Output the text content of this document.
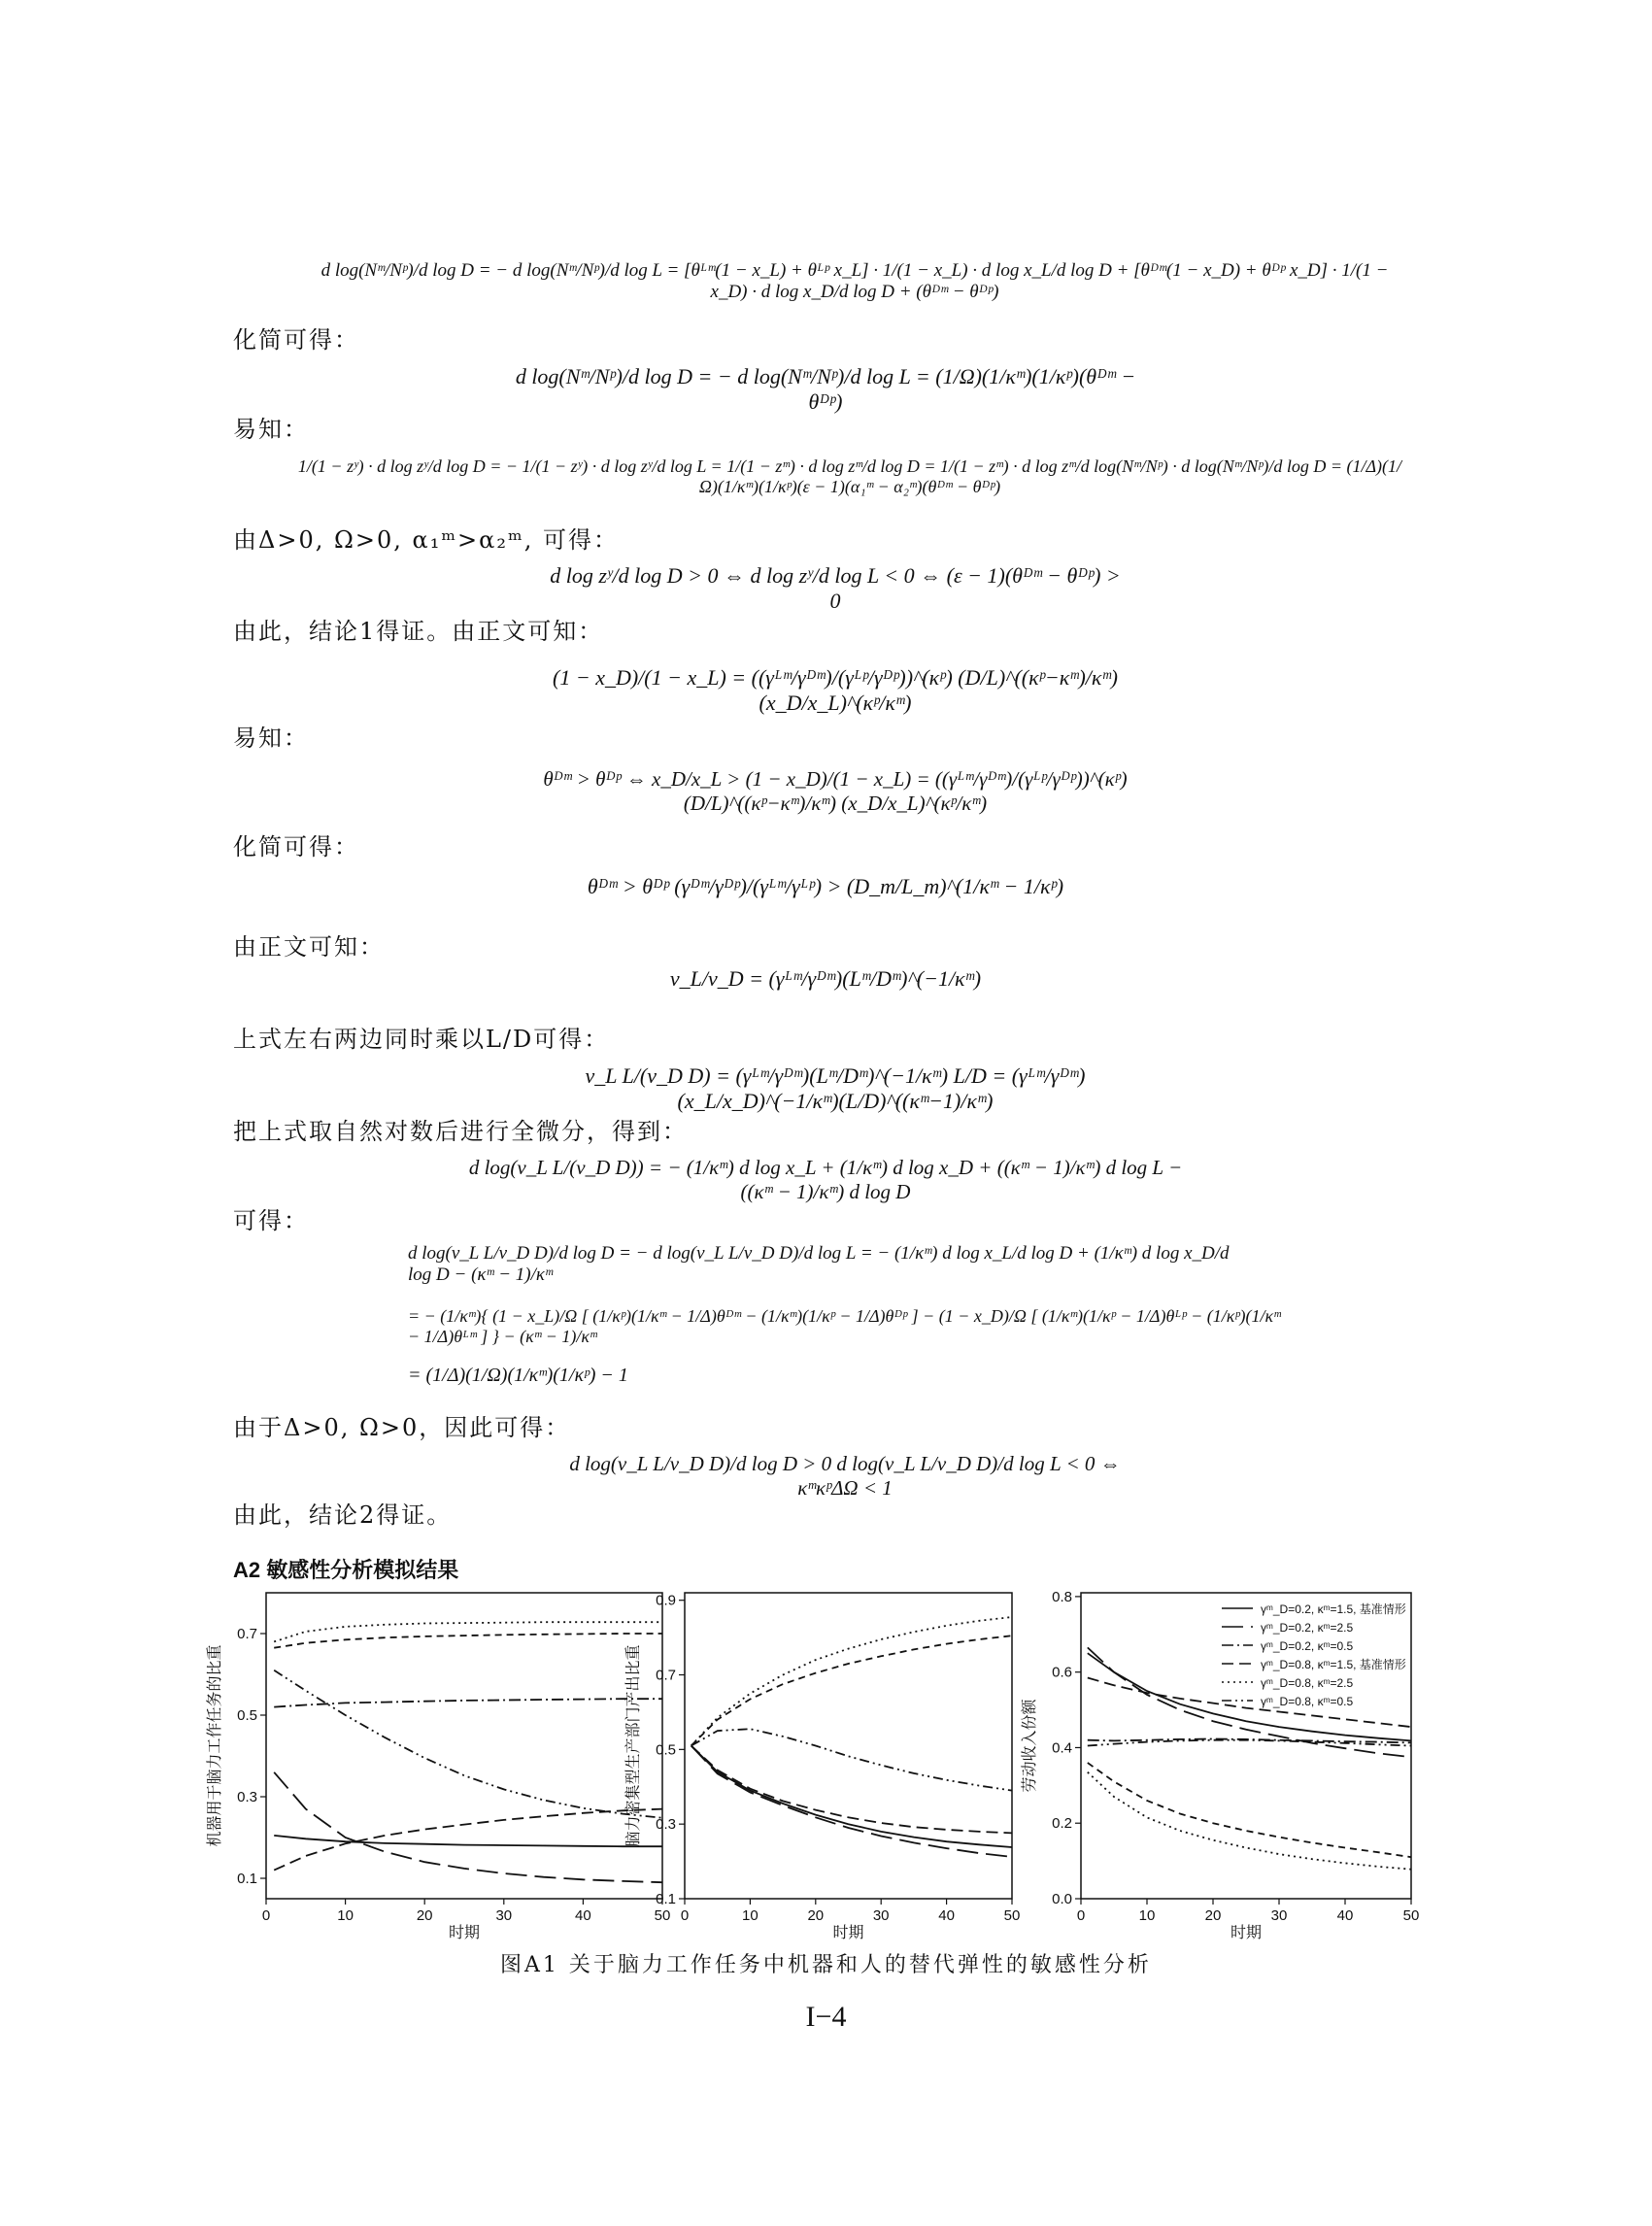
化简可得：
易知：
由Δ>0, Ω>0, α₁ᵐ>α₂ᵐ, 可得：
由此，结论1得证。由正文可知：
易知：
化简可得：
由正文可知：
上式左右两边同时乘以L/D可得：
把上式取自然对数后进行全微分，得到：
可得：
由于Δ>0, Ω>0，因此可得：
由此，结论2得证。
d log(Nᵐ/Nᵖ)/d log D = − d log(Nᵐ/Nᵖ)/d log L = [θᴸᵐ(1 − x_L) + θᴸᵖ x_L] · 1/(1 − x_L) · d log x_L/d log D + [θᴰᵐ(1 − x_D) + θᴰᵖ x_D] · 1/(1 − x_D) · d log x_D/d log D + (θᴰᵐ − θᴰᵖ)
d log(Nᵐ/Nᵖ)/d log D = − d log(Nᵐ/Nᵖ)/d log L = (1/Ω)(1/κᵐ)(1/κᵖ)(θᴰᵐ − θᴰᵖ)
1/(1 − zʸ) · d log zʸ/d log D = − 1/(1 − zʸ) · d log zʸ/d log L = 1/(1 − zᵐ) · d log zᵐ/d log D = 1/(1 − zᵐ) · d log zᵐ/d log(Nᵐ/Nᵖ) · d log(Nᵐ/Nᵖ)/d log D = (1/Δ)(1/Ω)(1/κᵐ)(1/κᵖ)(ε − 1)(α₁ᵐ − α₂ᵐ)(θᴰᵐ − θᴰᵖ)
d log zʸ/d log D > 0 ⇔ d log zʸ/d log L < 0 ⇔ (ε − 1)(θᴰᵐ − θᴰᵖ) > 0
(1 − x_D)/(1 − x_L) = ((γᴸᵐ/γᴰᵐ)/(γᴸᵖ/γᴰᵖ))^(κᵖ) (D/L)^((κᵖ−κᵐ)/κᵐ) (x_D/x_L)^(κᵖ/κᵐ)
θᴰᵐ > θᴰᵖ ⇔ x_D/x_L > (1 − x_D)/(1 − x_L) = ((γᴸᵐ/γᴰᵐ)/(γᴸᵖ/γᴰᵖ))^(κᵖ) (D/L)^((κᵖ−κᵐ)/κᵐ) (x_D/x_L)^(κᵖ/κᵐ)
θᴰᵐ > θᴰᵖ (γᴰᵐ/γᴰᵖ)/(γᴸᵐ/γᴸᵖ) > (D_m/L_m)^(1/κᵐ − 1/κᵖ)
v_L/v_D = (γᴸᵐ/γᴰᵐ)(Lᵐ/Dᵐ)^(−1/κᵐ)
v_L L/(v_D D) = (γᴸᵐ/γᴰᵐ)(Lᵐ/Dᵐ)^(−1/κᵐ) L/D = (γᴸᵐ/γᴰᵐ)(x_L/x_D)^(−1/κᵐ)(L/D)^((κᵐ−1)/κᵐ)
d log(v_L L/(v_D D)) = − (1/κᵐ) d log x_L + (1/κᵐ) d log x_D + ((κᵐ − 1)/κᵐ) d log L − ((κᵐ − 1)/κᵐ) d log D
d log(v_L L/v_D D)/d log D = − d log(v_L L/v_D D)/d log L = − (1/κᵐ) d log x_L/d log D + (1/κᵐ) d log x_D/d log D − (κᵐ − 1)/κᵐ
= − (1/κᵐ){ (1 − x_L)/Ω [ (1/κᵖ)(1/κᵐ − 1/Δ)θᴰᵐ − (1/κᵐ)(1/κᵖ − 1/Δ)θᴰᵖ ] − (1 − x_D)/Ω [ (1/κᵐ)(1/κᵖ − 1/Δ)θᴸᵖ − (1/κᵖ)(1/κᵐ − 1/Δ)θᴸᵐ ] } − (κᵐ − 1)/κᵐ
= (1/Δ)(1/Ω)(1/κᵐ)(1/κᵖ) − 1
d log(v_L L/v_D D)/d log D > 0 d log(v_L L/v_D D)/d log L < 0 ⇔ κᵐκᵖΔΩ < 1
A2 敏感性分析模拟结果
0	10	20	30	40	50
0.1
0.3
0.5
0.7
时期
机器用于脑力工作任务的比重
0	10	20	30	40	50
0.1
0.3
0.5
0.7
0.9
时期
脑力密集型生产部门产出比重
0	10	20	30	40	50
0.0
0.2
0.4
0.6
0.8
时期
劳动收入份额
γᵐ_D=0.2, κᵐ=1.5, 基准情形
γᵐ_D=0.2, κᵐ=2.5
γᵐ_D=0.2, κᵐ=0.5
γᵐ_D=0.8, κᵐ=1.5, 基准情形
γᵐ_D=0.8, κᵐ=2.5
γᵐ_D=0.8, κᵐ=0.5
图A1 关于脑力工作任务中机器和人的替代弹性的敏感性分析
I−4
